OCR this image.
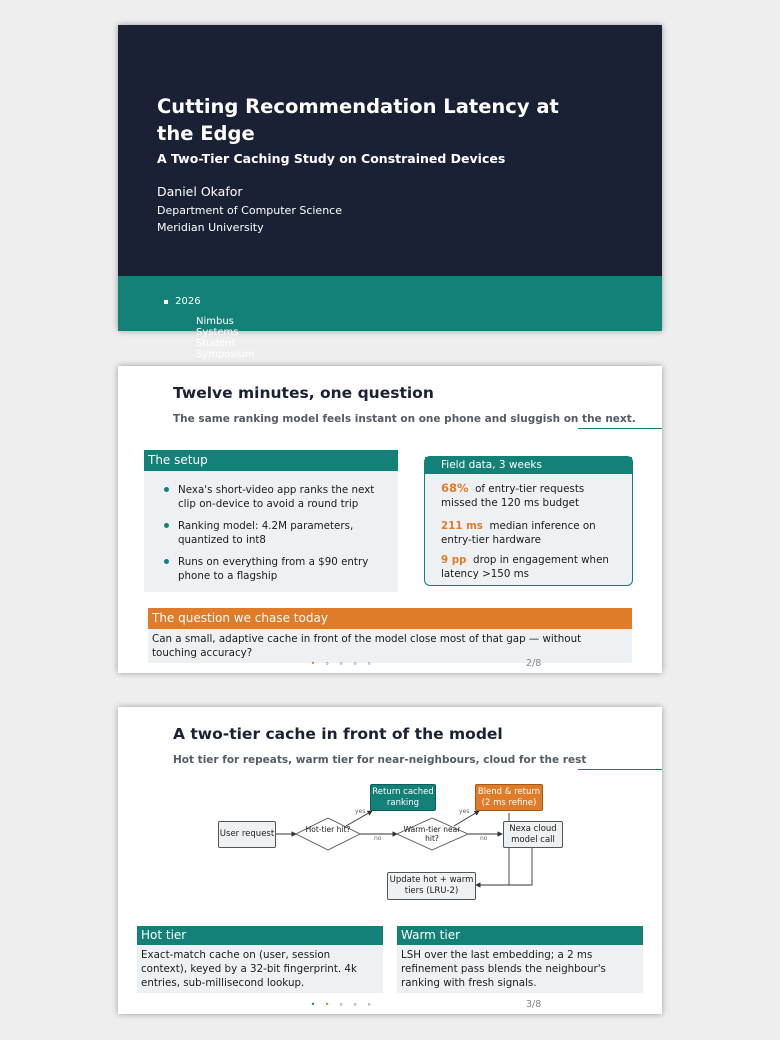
Cutting Recommendation Latency at the Edge
A Two-Tier Caching Study on Constrained Devices
Daniel Okafor
Department of Computer Science
Meridian University
Nimbus Systems Student Symposium
▪ 2026
Twelve minutes, one question
The same ranking model feels instant on one phone and sluggish on the next.
The setup
Nexa's short-video app ranks the next clip on-device to avoid a round trip
Ranking model: 4.2M parameters, quantized to int8
Runs on everything from a $90 entry phone to a flagship
Field data, 3 weeks
68% of entry-tier requests missed the 120 ms budget
211 ms median inference on entry-tier hardware
9 pp drop in engagement when latency >150 ms
The question we chase today
Can a small, adaptive cache in front of the model close most of that gap — without touching accuracy?
• ∘ ∘ ∘ ∘	2/8
A two-tier cache in front of the model
Hot tier for repeats, warm tier for near-neighbours, cloud for the rest
Hot-tier hit?	Warm-tier near hit?
User request
Return cached ranking
Blend & return (2 ms refine)
Nexa cloud model call
Update hot + warm tiers (LRU-2)
yes
no
yes
no
Hot tier
Exact-match cache on (user, session context), keyed by a 32-bit fingerprint. 4k entries, sub-millisecond lookup.
Warm tier
LSH over the last embedding; a 2 ms refinement pass blends the neighbour's ranking with fresh signals.
• • ∘ ∘ ∘	3/8
